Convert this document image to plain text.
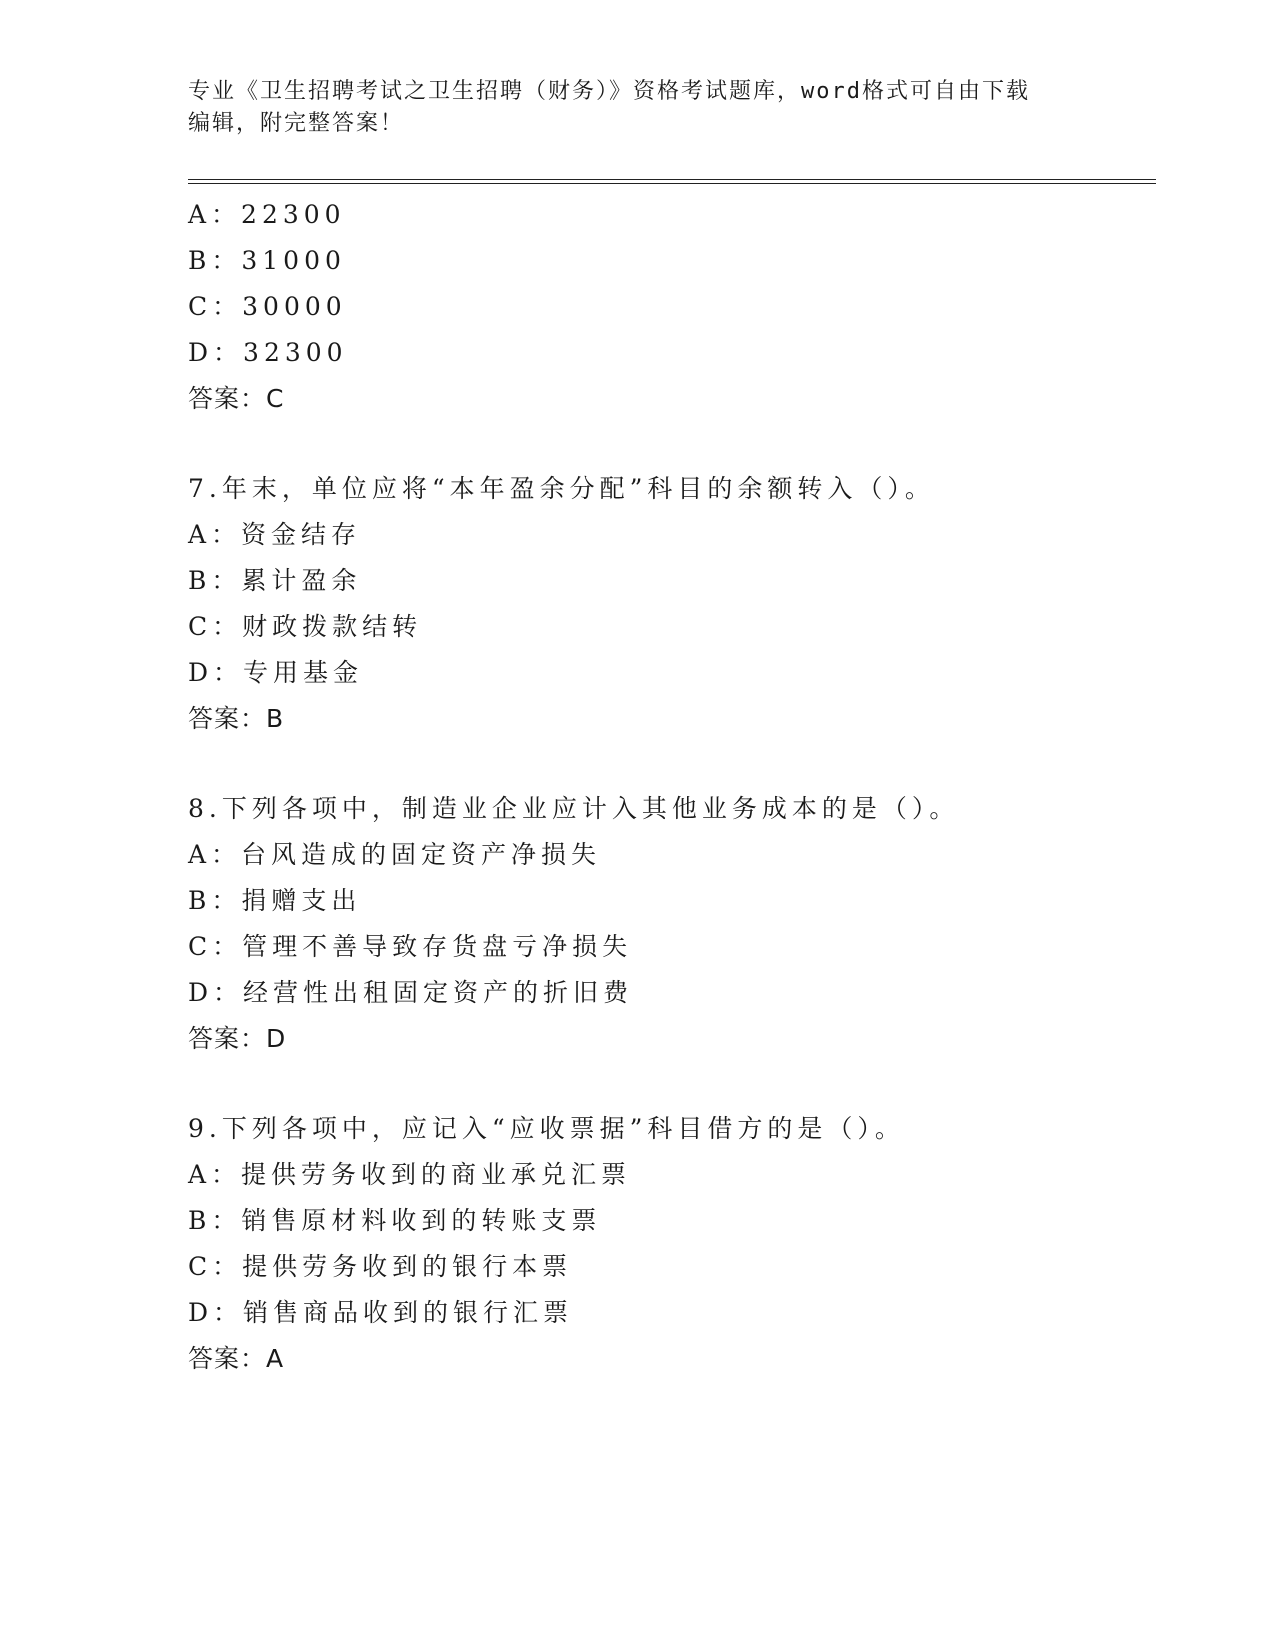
专业《卫生招聘考试之卫生招聘（财务）》资格考试题库，word格式可自由下载
编辑，附完整答案！
A：22300
B：31000
C：30000
D：32300
答案：C
7.年末，单位应将“本年盈余分配”科目的余额转入（）。
A：资金结存
B：累计盈余
C：财政拨款结转
D：专用基金
答案：B
8.下列各项中，制造业企业应计入其他业务成本的是（）。
A：台风造成的固定资产净损失
B：捐赠支出
C：管理不善导致存货盘亏净损失
D：经营性出租固定资产的折旧费
答案：D
9.下列各项中，应记入“应收票据”科目借方的是（）。
A：提供劳务收到的商业承兑汇票
B：销售原材料收到的转账支票
C：提供劳务收到的银行本票
D：销售商品收到的银行汇票
答案：A
